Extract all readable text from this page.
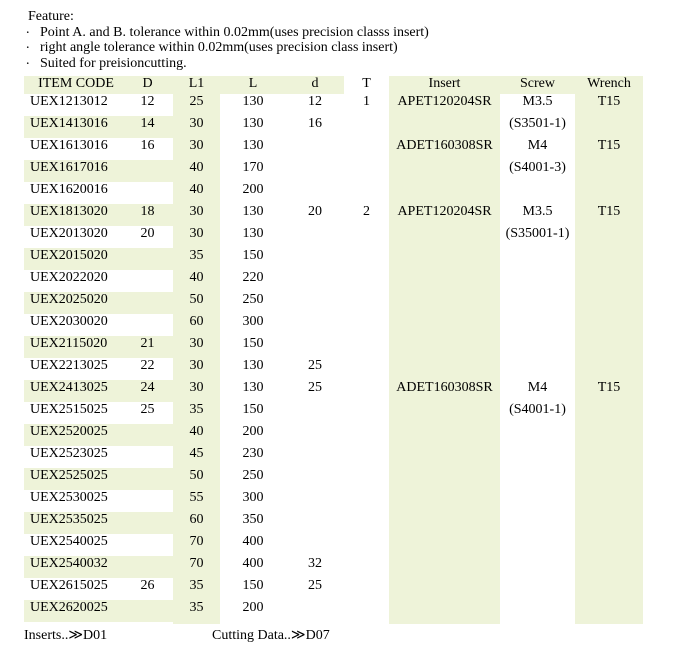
Feature:
. Point A. and B. tolerance within 0.02mm(uses precision classs insert)
. right angle tolerance within 0.02mm(uses precision class insert)
. Suited for preisioncutting.
ITEM CODE	D	L1	L	d	T	Insert	Screw	Wrench
UEX1213012	12	25	130	12	1	APET120204SR	M3.5	T15
UEX1413016	14	30	130	16			(S3501-1)	
UEX1613016	16	30	130			ADET160308SR	M4	T15
UEX1617016		40	170				(S4001-3)	
UEX1620016		40	200					
UEX1813020	18	30	130	20	2	APET120204SR	M3.5	T15
UEX2013020	20	30	130				(S35001-1)	
UEX2015020		35	150					
UEX2022020		40	220					
UEX2025020		50	250					
UEX2030020		60	300					
UEX2115020	21	30	150					
UEX2213025	22	30	130	25				
UEX2413025	24	30	130	25		ADET160308SR	M4	T15
UEX2515025	25	35	150				(S4001-1)	
UEX2520025		40	200					
UEX2523025		45	230					
UEX2525025		50	250					
UEX2530025		55	300					
UEX2535025		60	350					
UEX2540025		70	400					
UEX2540032		70	400	32				
UEX2615025	26	35	150	25				
UEX2620025		35	200					
Inserts..≫D01	Cutting Data..≫D07
